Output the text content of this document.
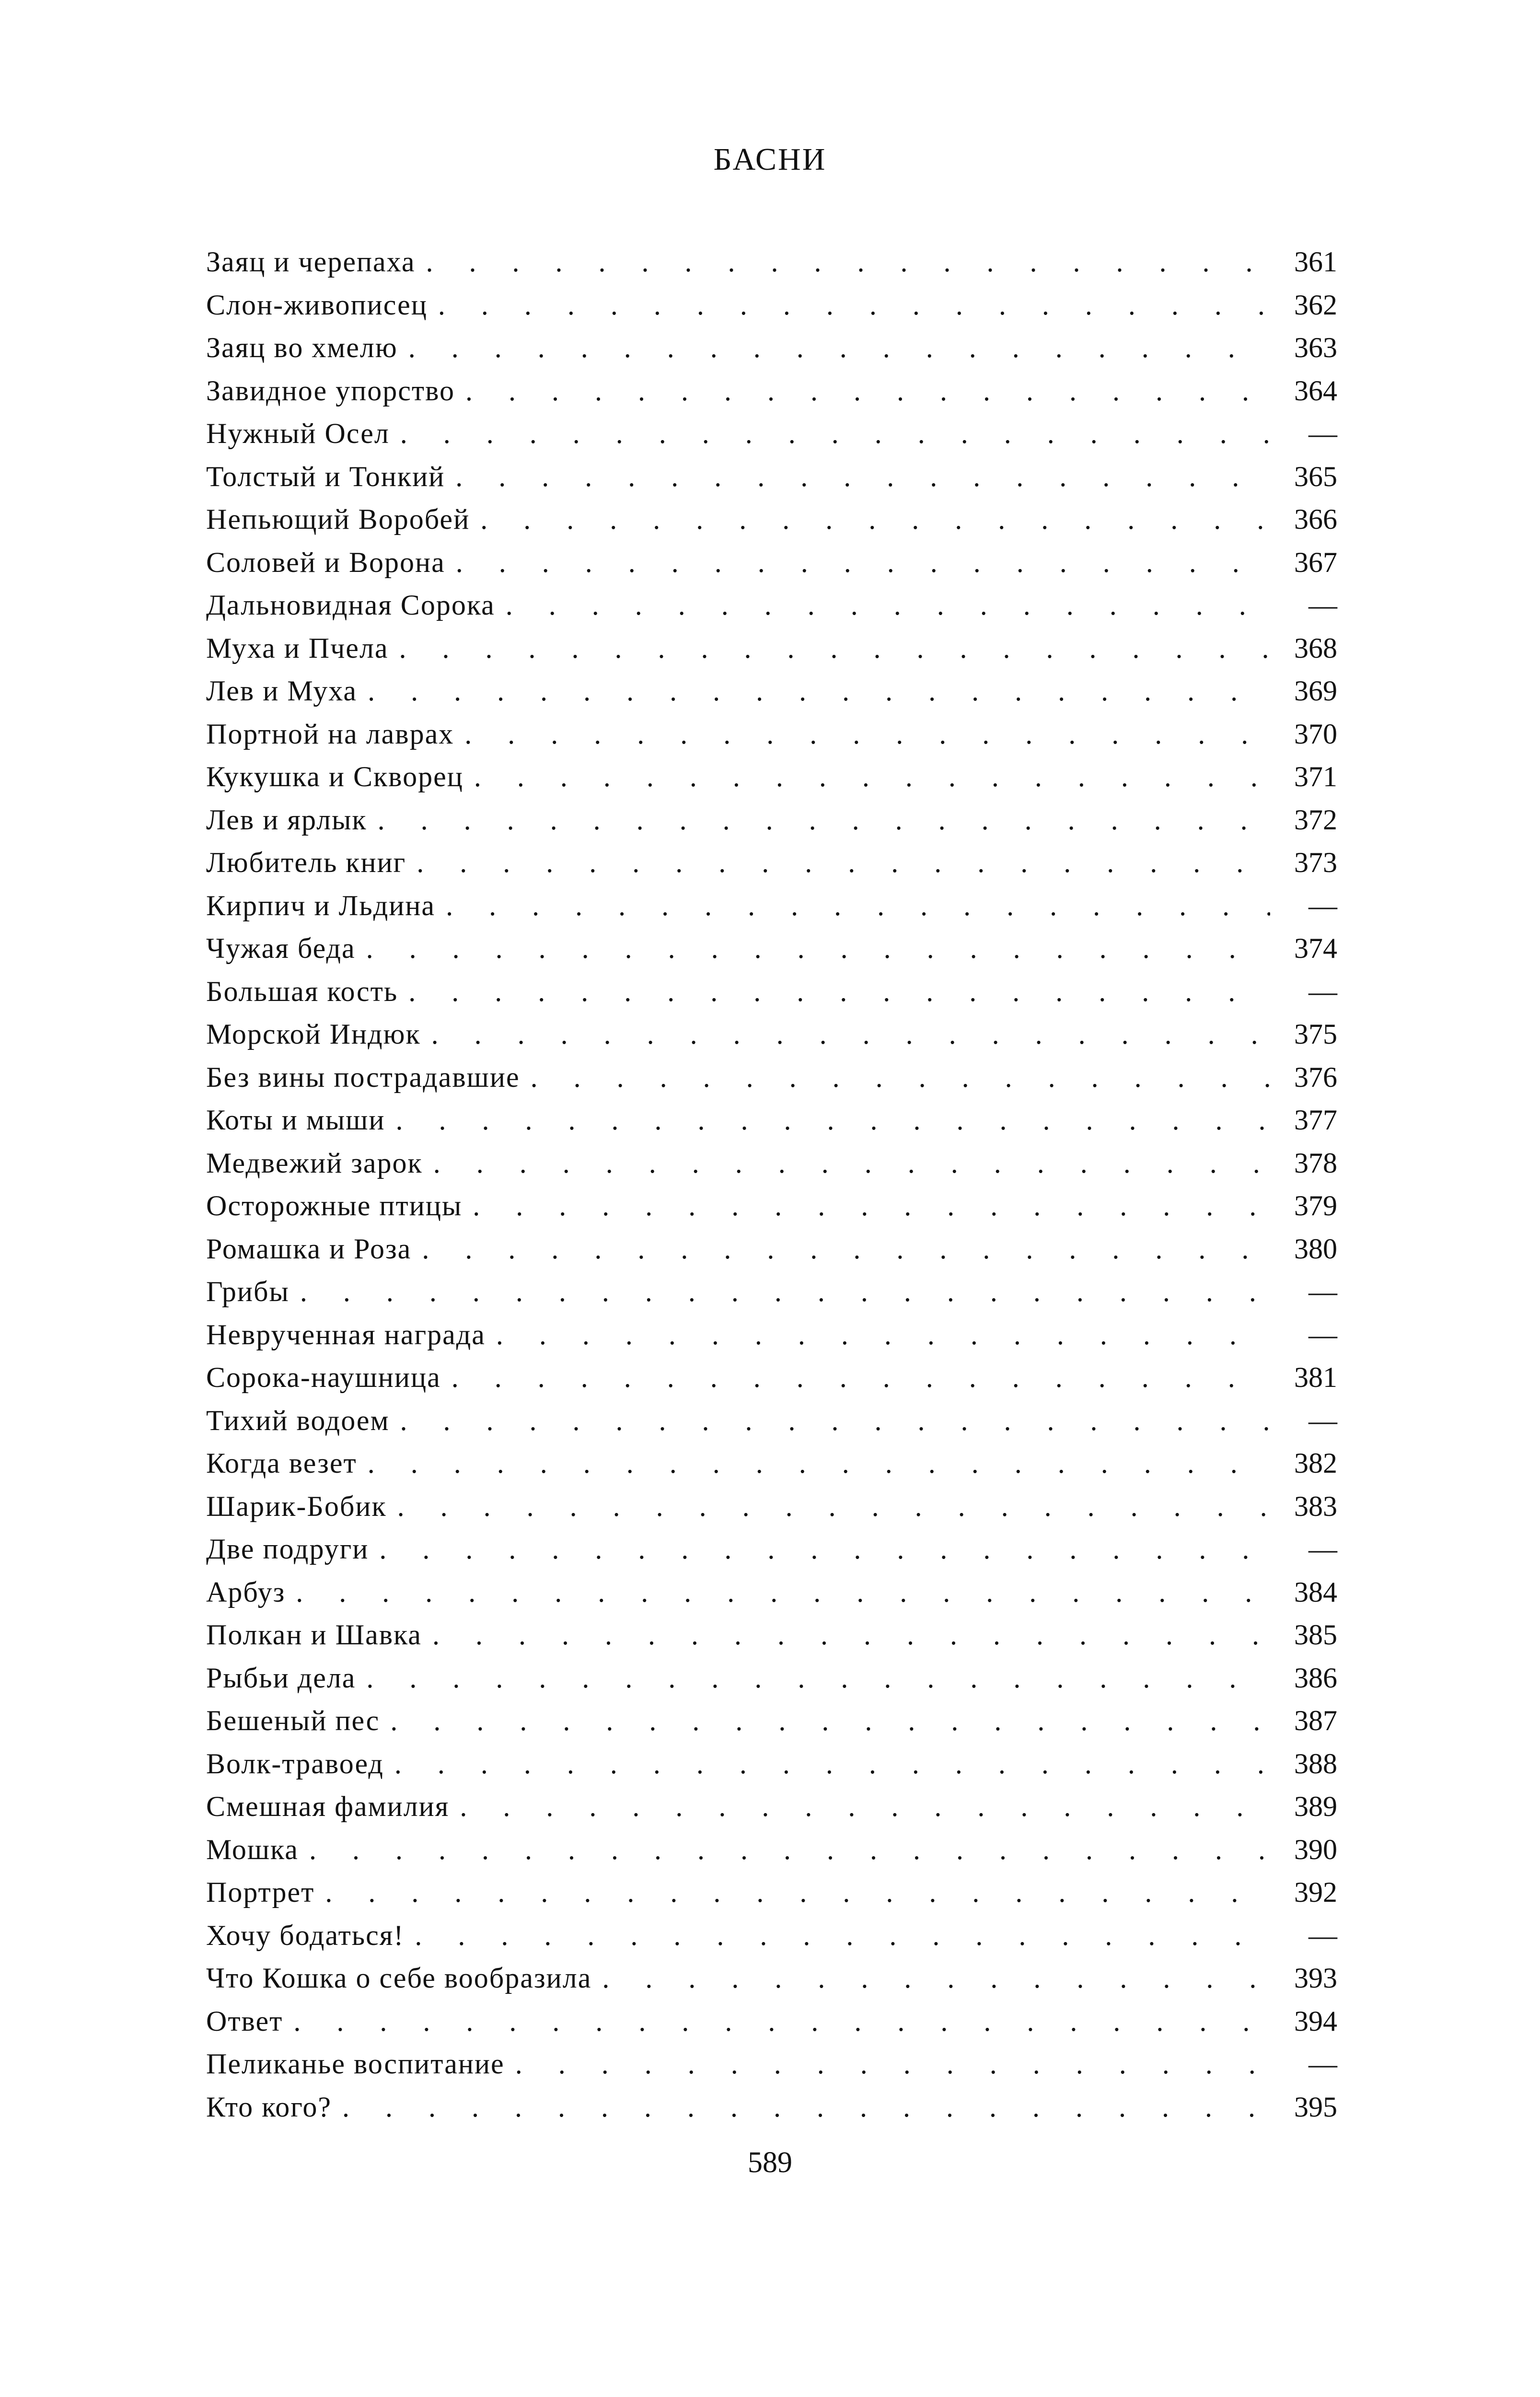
БАСНИ
Заяц и черепаха . . .	361
Слон-живописец . . .	362
Заяц во хмелю . . .	363
Завидное упорство . . .	364
Нужный Осел . . .	—
Толстый и Тонкий . . .	365
Непьющий Воробей . . .	366
Соловей и Ворона . . .	367
Дальновидная Сорока . . .	—
Муха и Пчела . . .	368
Лев и Муха . . .	369
Портной на лаврах . . .	370
Кукушка и Скворец . . .	371
Лев и ярлык . . .	372
Любитель книг . . .	373
Кирпич и Льдина . . .	—
Чужая беда . . .	374
Большая кость . . .	—
Морской Индюк . . .	375
Без вины пострадавшие . . .	376
Коты и мыши . . .	377
Медвежий зарок . . .	378
Осторожные птицы . . .	379
Ромашка и Роза . . .	380
Грибы . . .	—
Неврученная награда . . .	—
Сорока-наушница . . .	381
Тихий водоем . . .	—
Когда везет . . .	382
Шарик-Бобик . . .	383
Две подруги . . .	—
Арбуз . . .	384
Полкан и Шавка . . .	385
Рыбьи дела . . .	386
Бешеный пес . . .	387
Волк-травоед . . .	388
Смешная фамилия . . .	389
Мошка . . .	390
Портрет . . .	392
Хочу бодаться! . . .	—
Что Кошка о себе вообразила . . .	393
Ответ . . .	394
Пеликанье воспитание . . .	—
Кто кого? . . .	395
589
